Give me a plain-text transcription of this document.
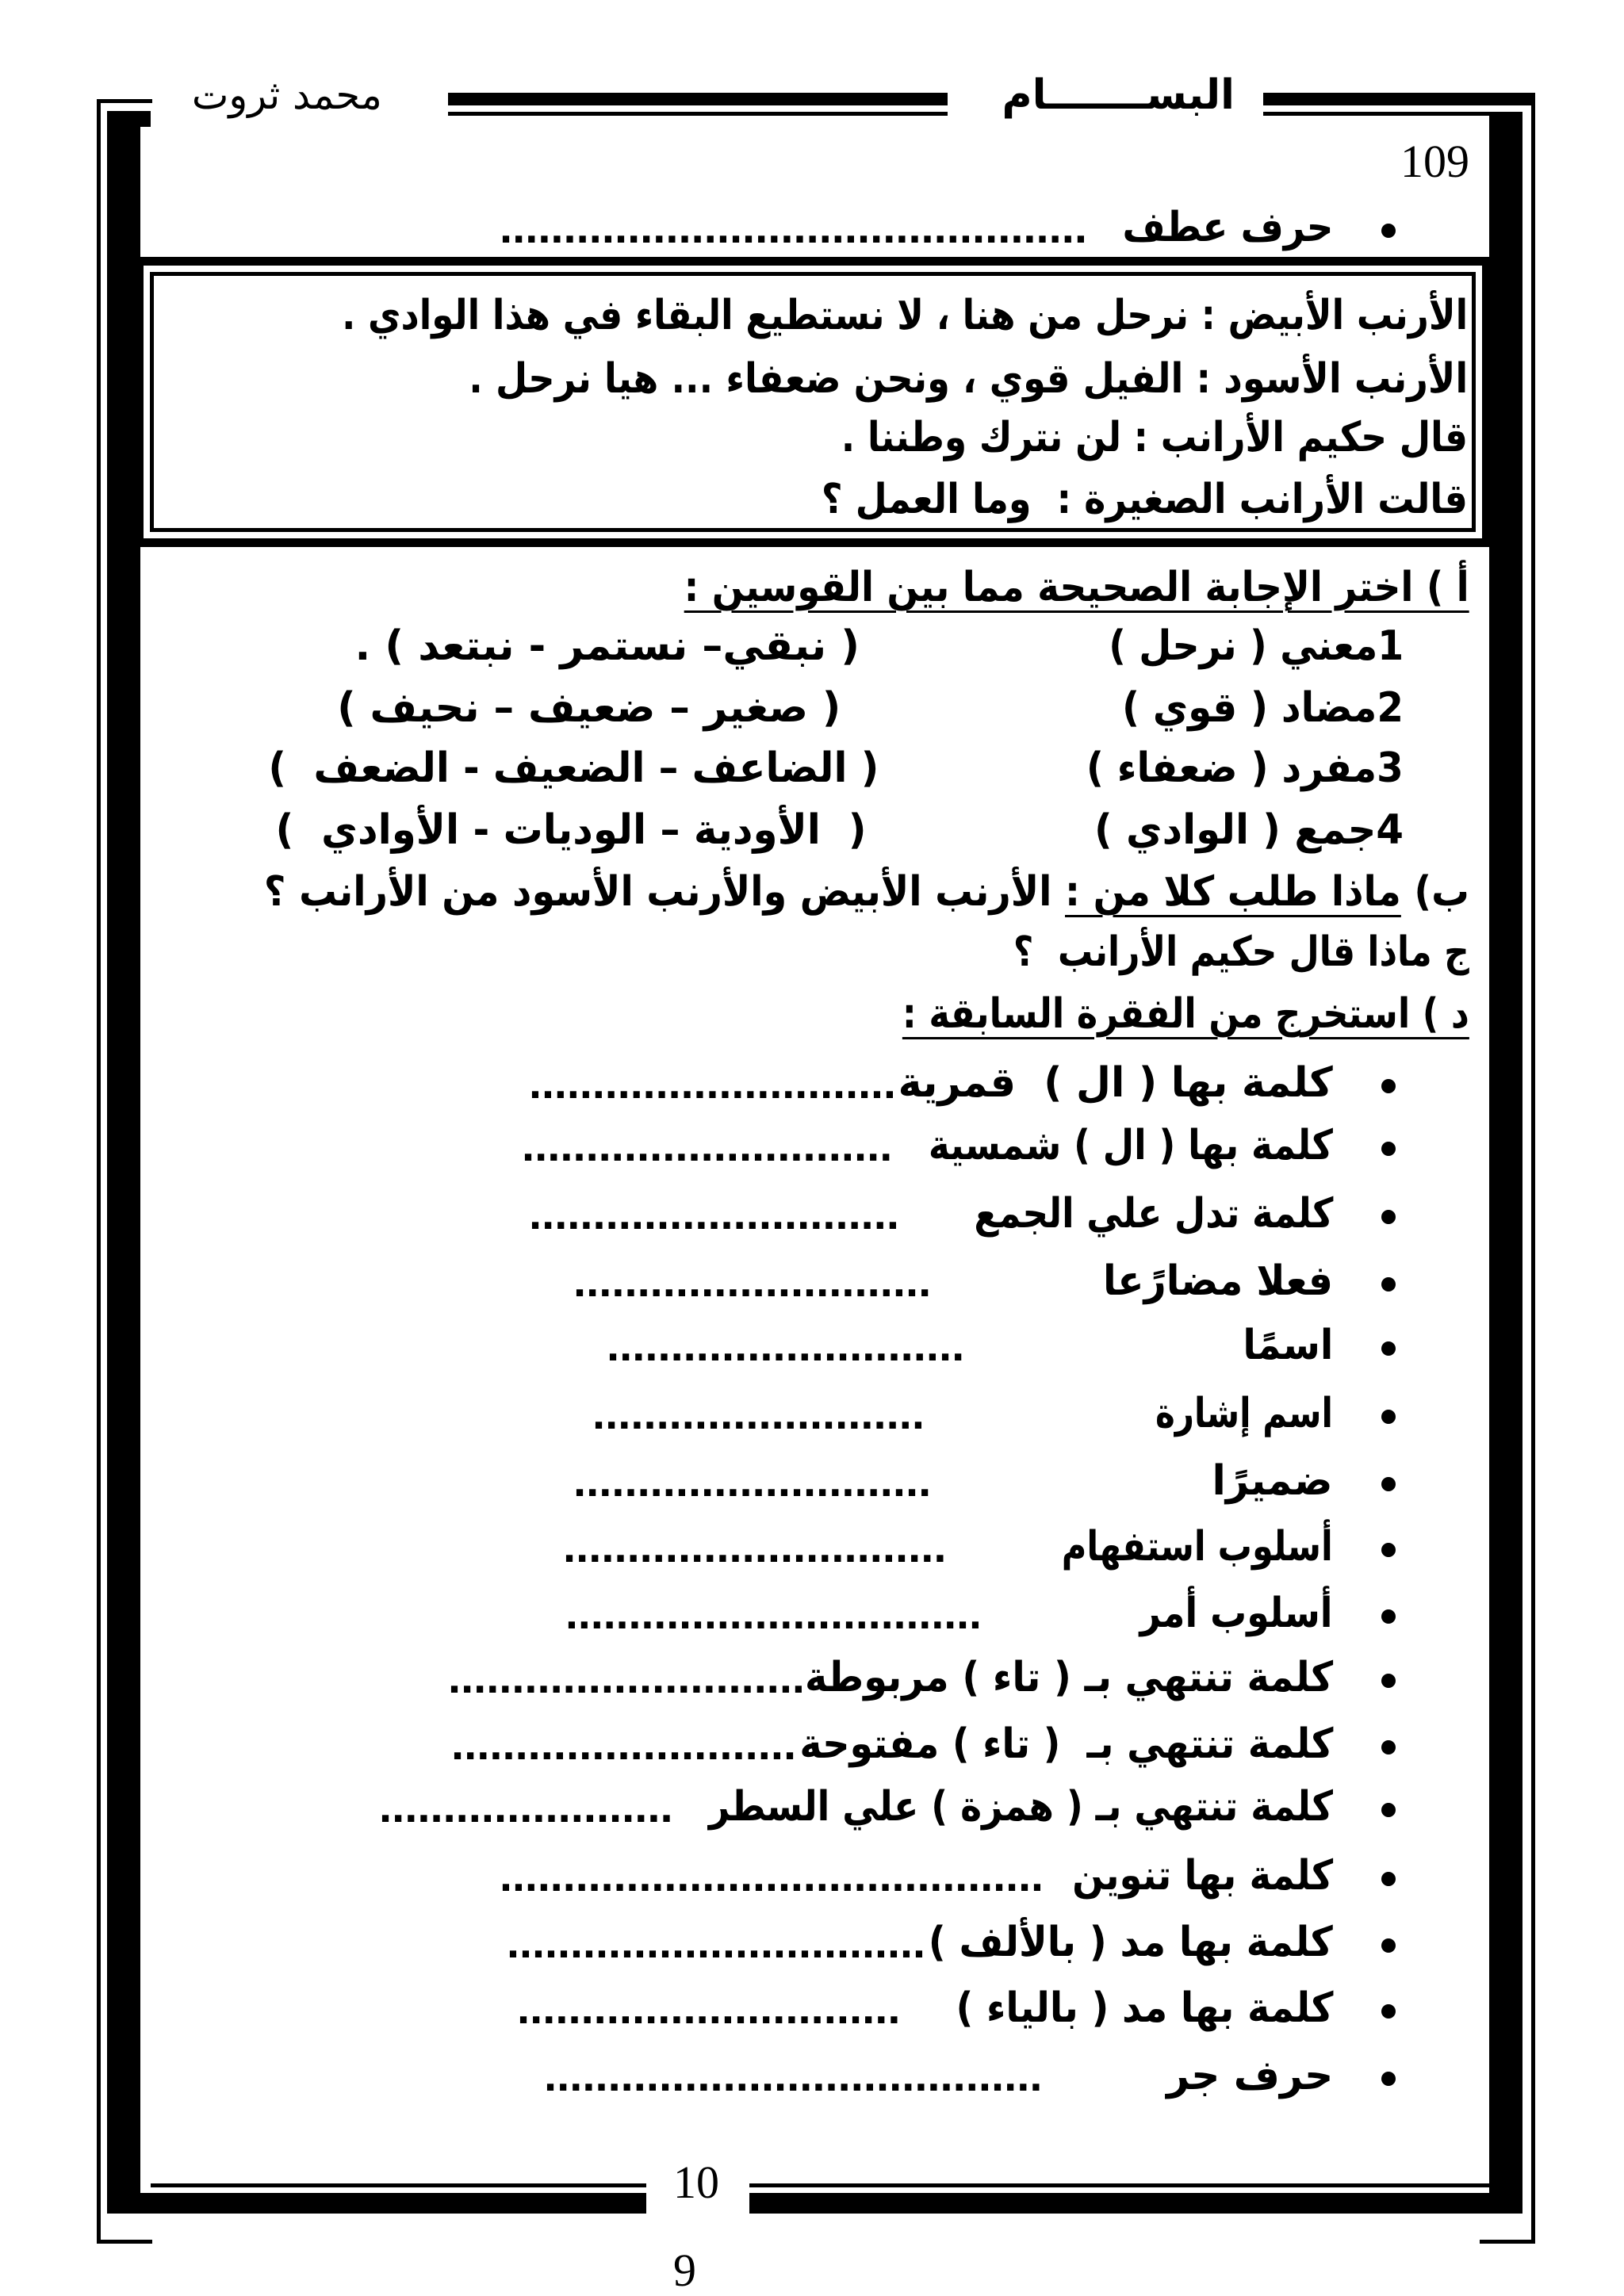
محمد ثروت	البســـــــام
109
حرف عطف
..............................................
الأرنب الأبيض : نرحل من هنا ، لا نستطيع البقاء في هذا الوادي .
الأرنب الأسود : الفيل قوي ، ونحن ضعفاء ... هيا نرحل .
قال حكيم الأرانب : لن نترك وطننا .
قالت الأرانب الصغيرة :  وما العمل ؟
أ ) اختر الإجابة الصحيحة مما بين القوسين :
1معني ( نرحل )
( نبقي– نستمر - نبتعد ) .
2مضاد ( قوي )
( صغير – ضعيف – نحيف )
3مفرد ( ضعفاء )
( الضاعف – الضعيف - الضعف  )
4جمع ( الوادي )
(  الأودية – الوديات - الأوادي  )
ب) ماذا طلب كلا من : الأرنب الأبيض والأرنب الأسود من الأرانب ؟
ج ماذا قال حكيم الأرانب  ؟
د ) استخرج من الفقرة السابقة :
كلمة بها ( ال )  قمرية
.............................
كلمة بها ( ال ) شمسية
.............................
كلمة تدل علي الجمع
.............................
فعلا مضارًعا
............................
اسمًا
............................
اسم إشارة
..........................
ضميرًا
............................
أسلوب استفهام
..............................
أسلوب أمر
.................................
كلمة تنتهي بـ ( تاء ) مربوطة
............................
كلمة تنتهي بـ  ( تاء ) مفتوحة
...........................
كلمة تنتهي بـ ( همزة ) علي السطر
.......................
كلمة بها تنوين
...........................................
كلمة بها مد ( بالألف )
.................................
كلمة بها مد ( بالياء )
..............................
حرف جر
.......................................
109
